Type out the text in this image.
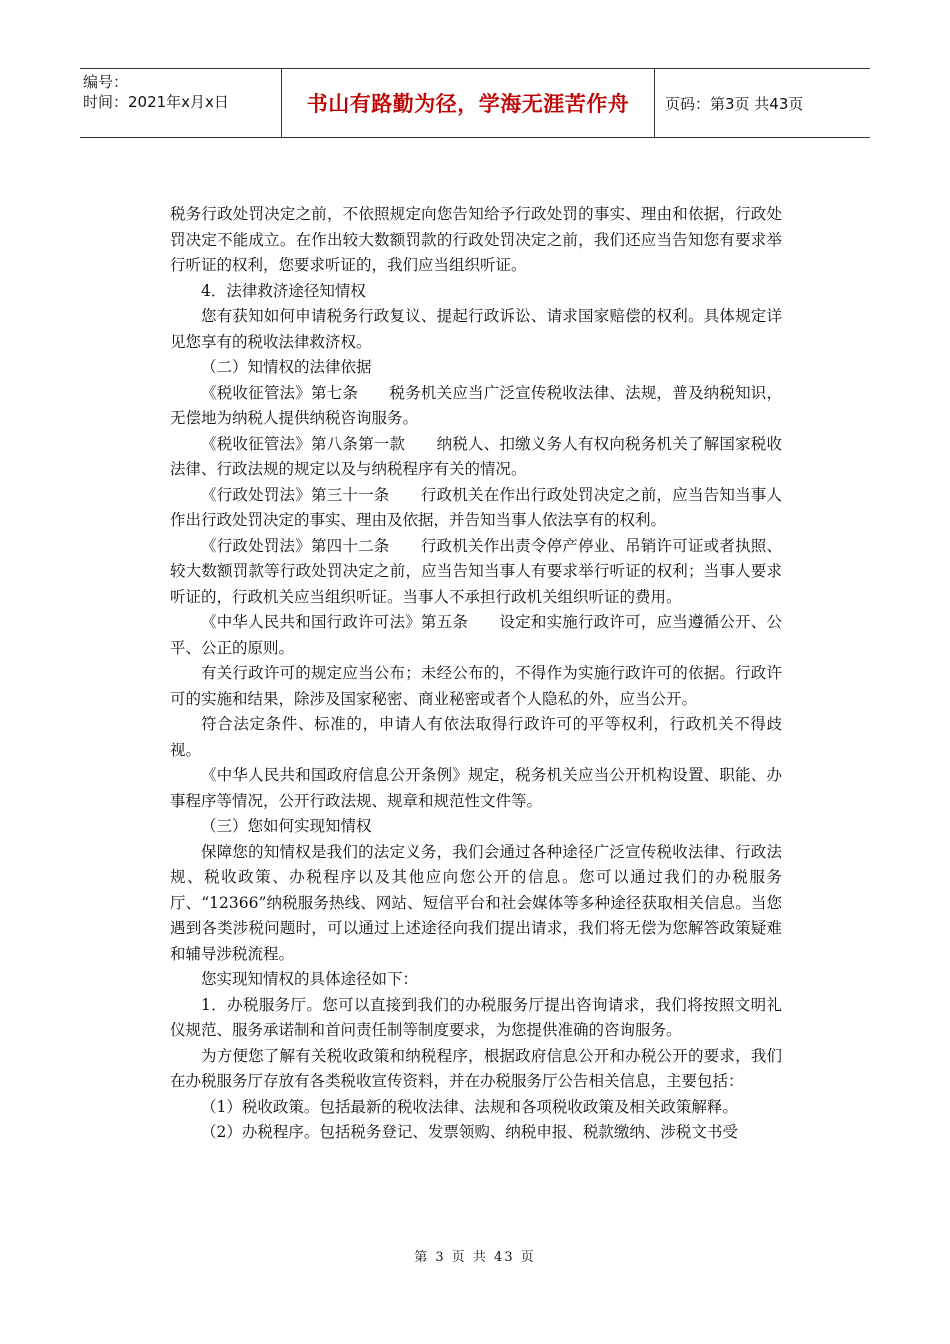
编号：
时间：2021年x月x日	书山有路勤为径，学海无涯苦作舟 页码：第3页 共43页

税务行政处罚决定之前，不依照规定向您告知给予行政处罚的事实、理由和依据，行政处罚决定不能成立。在作出较大数额罚款的行政处罚决定之前，我们还应当告知您有要求举行听证的权利，您要求听证的，我们应当组织听证。

4．法律救济途径知情权

您有获知如何申请税务行政复议、提起行政诉讼、请求国家赔偿的权利。具体规定详见您享有的税收法律救济权。

（二）知情权的法律依据

《税收征管法》第七条　　税务机关应当广泛宣传税收法律、法规，普及纳税知识，无偿地为纳税人提供纳税咨询服务。

《税收征管法》第八条第一款　　纳税人、扣缴义务人有权向税务机关了解国家税收法律、行政法规的规定以及与纳税程序有关的情况。

《行政处罚法》第三十一条　　行政机关在作出行政处罚决定之前，应当告知当事人作出行政处罚决定的事实、理由及依据，并告知当事人依法享有的权利。

《行政处罚法》第四十二条　　行政机关作出责令停产停业、吊销许可证或者执照、较大数额罚款等行政处罚决定之前，应当告知当事人有要求举行听证的权利；当事人要求听证的，行政机关应当组织听证。当事人不承担行政机关组织听证的费用。

《中华人民共和国行政许可法》第五条　　设定和实施行政许可，应当遵循公开、公平、公正的原则。

有关行政许可的规定应当公布；未经公布的，不得作为实施行政许可的依据。行政许可的实施和结果，除涉及国家秘密、商业秘密或者个人隐私的外，应当公开。

符合法定条件、标准的，申请人有依法取得行政许可的平等权利，行政机关不得歧视。

《中华人民共和国政府信息公开条例》规定，税务机关应当公开机构设置、职能、办事程序等情况，公开行政法规、规章和规范性文件等。

（三）您如何实现知情权

保障您的知情权是我们的法定义务，我们会通过各种途径广泛宣传税收法律、行政法规、税收政策、办税程序以及其他应向您公开的信息。您可以通过我们的办税服务厅、“12366”纳税服务热线、网站、短信平台和社会媒体等多种途径获取相关信息。当您遇到各类涉税问题时，可以通过上述途径向我们提出请求，我们将无偿为您解答政策疑难和辅导涉税流程。

您实现知情权的具体途径如下：

1．办税服务厅。您可以直接到我们的办税服务厅提出咨询请求，我们将按照文明礼仪规范、服务承诺制和首问责任制等制度要求，为您提供准确的咨询服务。

为方便您了解有关税收政策和纳税程序，根据政府信息公开和办税公开的要求，我们在办税服务厅存放有各类税收宣传资料，并在办税服务厅公告相关信息，主要包括：

（1）税收政策。包括最新的税收法律、法规和各项税收政策及相关政策解释。

（2）办税程序。包括税务登记、发票领购、纳税申报、税款缴纳、涉税文书受

第 3 页 共 43 页
